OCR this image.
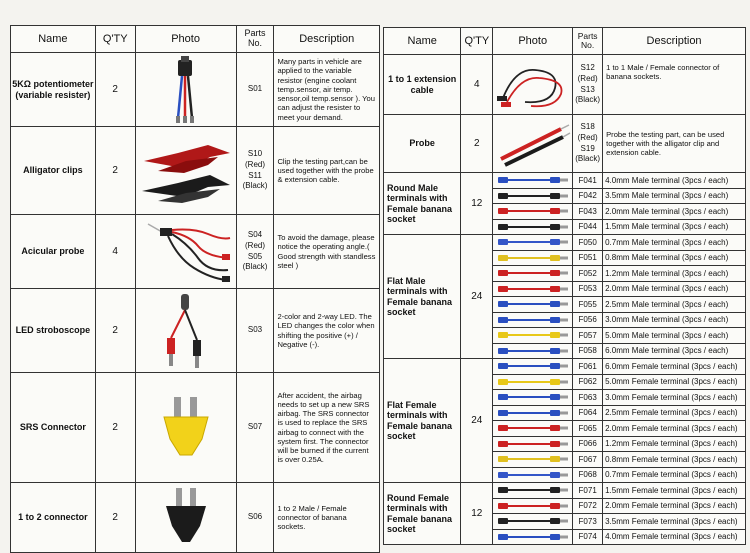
Name	Q'TY	Photo	Parts No.	Description
5KΩ potentiometer (variable resister)	2		S01	Many parts in vehicle are applied to the variable resistor (engine coolant temp.sensor, air temp. sensor,oil temp.sensor ). You can adjust the resister to meet your demand.
Alligator clips	2		S10
(Red)
S11
(Black)	Clip the testing part,can be used together with the probe & extension cable.
Acicular probe	4		S04
(Red)
S05
(Black)	To avoid the damage, please notice the operating angle.( Good strength with standless steel )
LED stroboscope	2		S03	2-color and 2-way LED. The LED changes the color when shifting the positive (+) / Negative (-).
SRS Connector	2		S07	After accident, the airbag needs to set up a new SRS airbag. The SRS connector is used to replace the SRS airbag to connect with the system first. The connector will be burned if the current is over 0.25A.
1 to 2 connector	2		S06	1 to 2 Male / Female connector of banana sockets.
Name	Q'TY	Photo	Parts No.	Description
1 to 1 extension cable	4		S12
(Red)
S13
(Black)	1 to 1 Male / Female connector of banana sockets.
Probe	2		S18
(Red)
S19
(Black)	Probe the testing part, can be used together with the alligator clip and extension cable.
Round Male terminals with Female banana socket	12		F041	4.0mm Male terminal (3pcs / each)

	F042	3.5mm Male terminal (3pcs / each)

	F043	2.0mm Male terminal (3pcs / each)

	F044	1.5mm Male terminal (3pcs / each)
Flat Male terminals with Female banana socket	24		F050	0.7mm Male terminal (3pcs / each)

	F051	0.8mm Male terminal (3pcs / each)

	F052	1.2mm Male terminal (3pcs / each)

	F053	2.0mm Male terminal (3pcs / each)

	F055	2.5mm Male terminal (3pcs / each)

	F056	3.0mm Male terminal (3pcs / each)

	F057	5.0mm Male terminal (3pcs / each)

	F058	6.0mm Male terminal (3pcs / each)
Flat Female terminals with Female banana socket	24		F061	6.0mm Female terminal (3pcs / each)

	F062	5.0mm Female terminal (3pcs / each)

	F063	3.0mm Female terminal (3pcs / each)

	F064	2.5mm Female terminal (3pcs / each)

	F065	2.0mm Female terminal (3pcs / each)

	F066	1.2mm Female terminal (3pcs / each)

	F067	0.8mm Female terminal (3pcs / each)

	F068	0.7mm Female terminal (3pcs / each)
Round Female terminals with Female banana socket	12		F071	1.5mm Female terminal (3pcs / each)

	F072	2.0mm Female terminal (3pcs / each)

	F073	3.5mm Female terminal (3pcs / each)

	F074	4.0mm Female terminal (3pcs / each)
